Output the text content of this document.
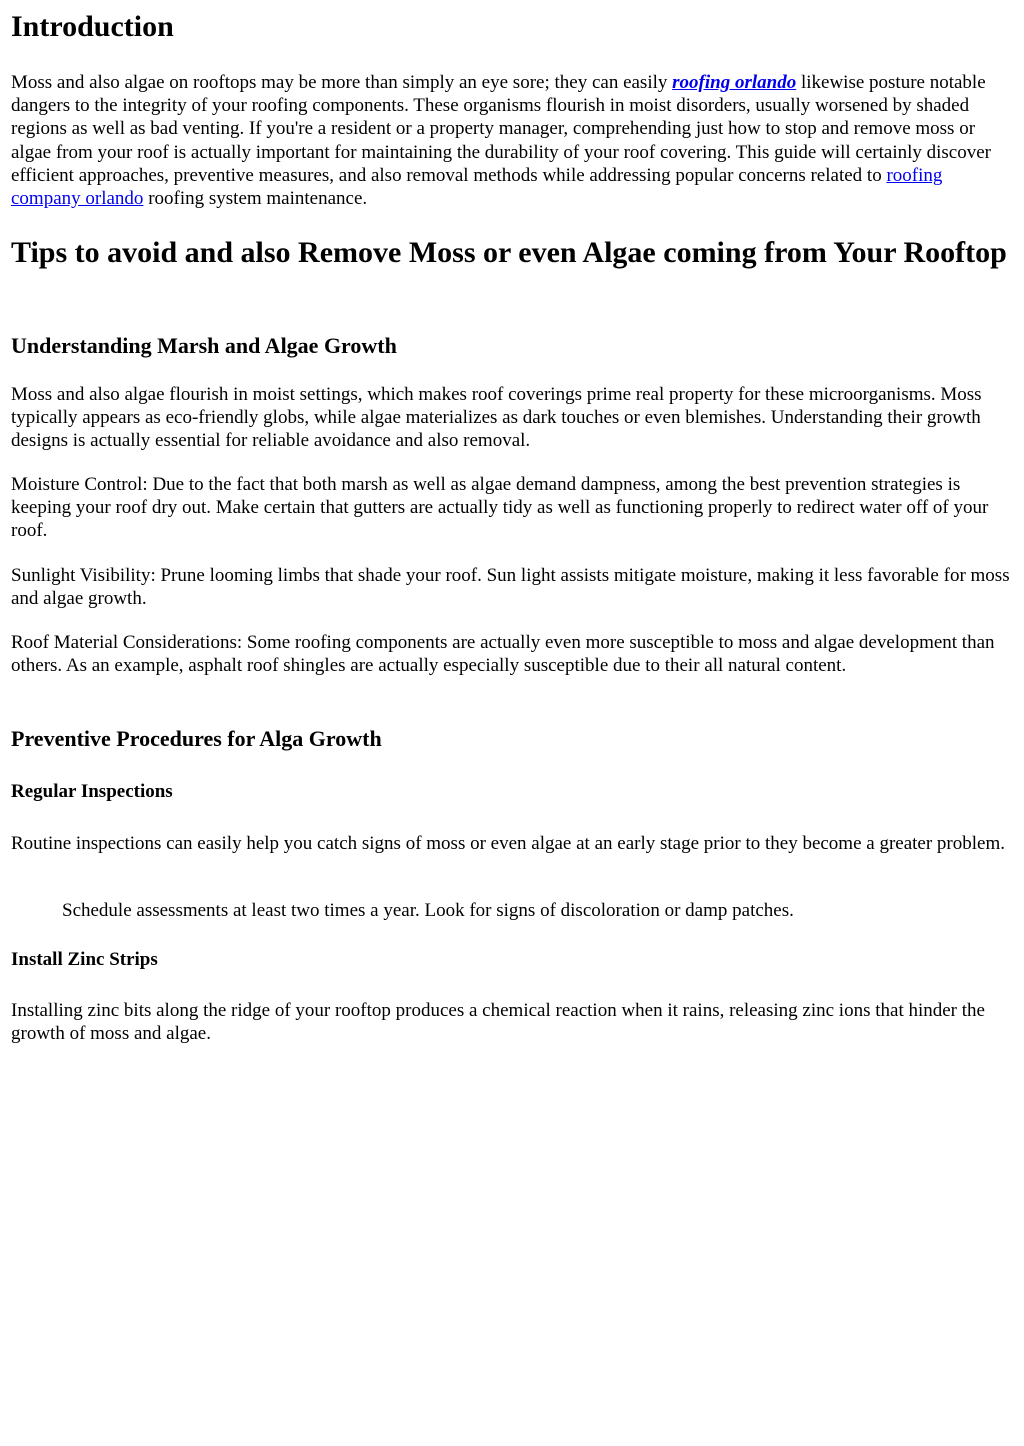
Introduction

Moss and also algae on rooftops may be more than simply an eye sore; they can easily roofing orlando likewise posture notable dangers to the integrity of your roofing components. These organisms flourish in moist disorders, usually worsened by shaded regions as well as bad venting. If you're a resident or a property manager, comprehending just how to stop and remove moss or algae from your roof is actually important for maintaining the durability of your roof covering. This guide will certainly discover efficient approaches, preventive measures, and also removal methods while addressing popular concerns related to roofing company orlando roofing system maintenance.

Tips to avoid and also Remove Moss or even Algae coming from Your Rooftop
Understanding Marsh and Algae Growth

Moss and also algae flourish in moist settings, which makes roof coverings prime real property for these microorganisms. Moss typically appears as eco-friendly globs, while algae materializes as dark touches or even blemishes. Understanding their growth designs is actually essential for reliable avoidance and also removal.

Moisture Control: Due to the fact that both marsh as well as algae demand dampness, among the best prevention strategies is keeping your roof dry out. Make certain that gutters are actually tidy as well as functioning properly to redirect water off of your roof.

Sunlight Visibility: Prune looming limbs that shade your roof. Sun light assists mitigate moisture, making it less favorable for moss and algae growth.

Roof Material Considerations: Some roofing components are actually even more susceptible to moss and algae development than others. As an example, asphalt roof shingles are actually especially susceptible due to their all natural content.

Preventive Procedures for Alga Growth
Regular Inspections

Routine inspections can easily help you catch signs of moss or even algae at an early stage prior to they become a greater problem.

Schedule assessments at least two times a year. Look for signs of discoloration or damp patches.

Install Zinc Strips

Installing zinc bits along the ridge of your rooftop produces a chemical reaction when it rains, releasing zinc ions that hinder the growth of moss and algae.
